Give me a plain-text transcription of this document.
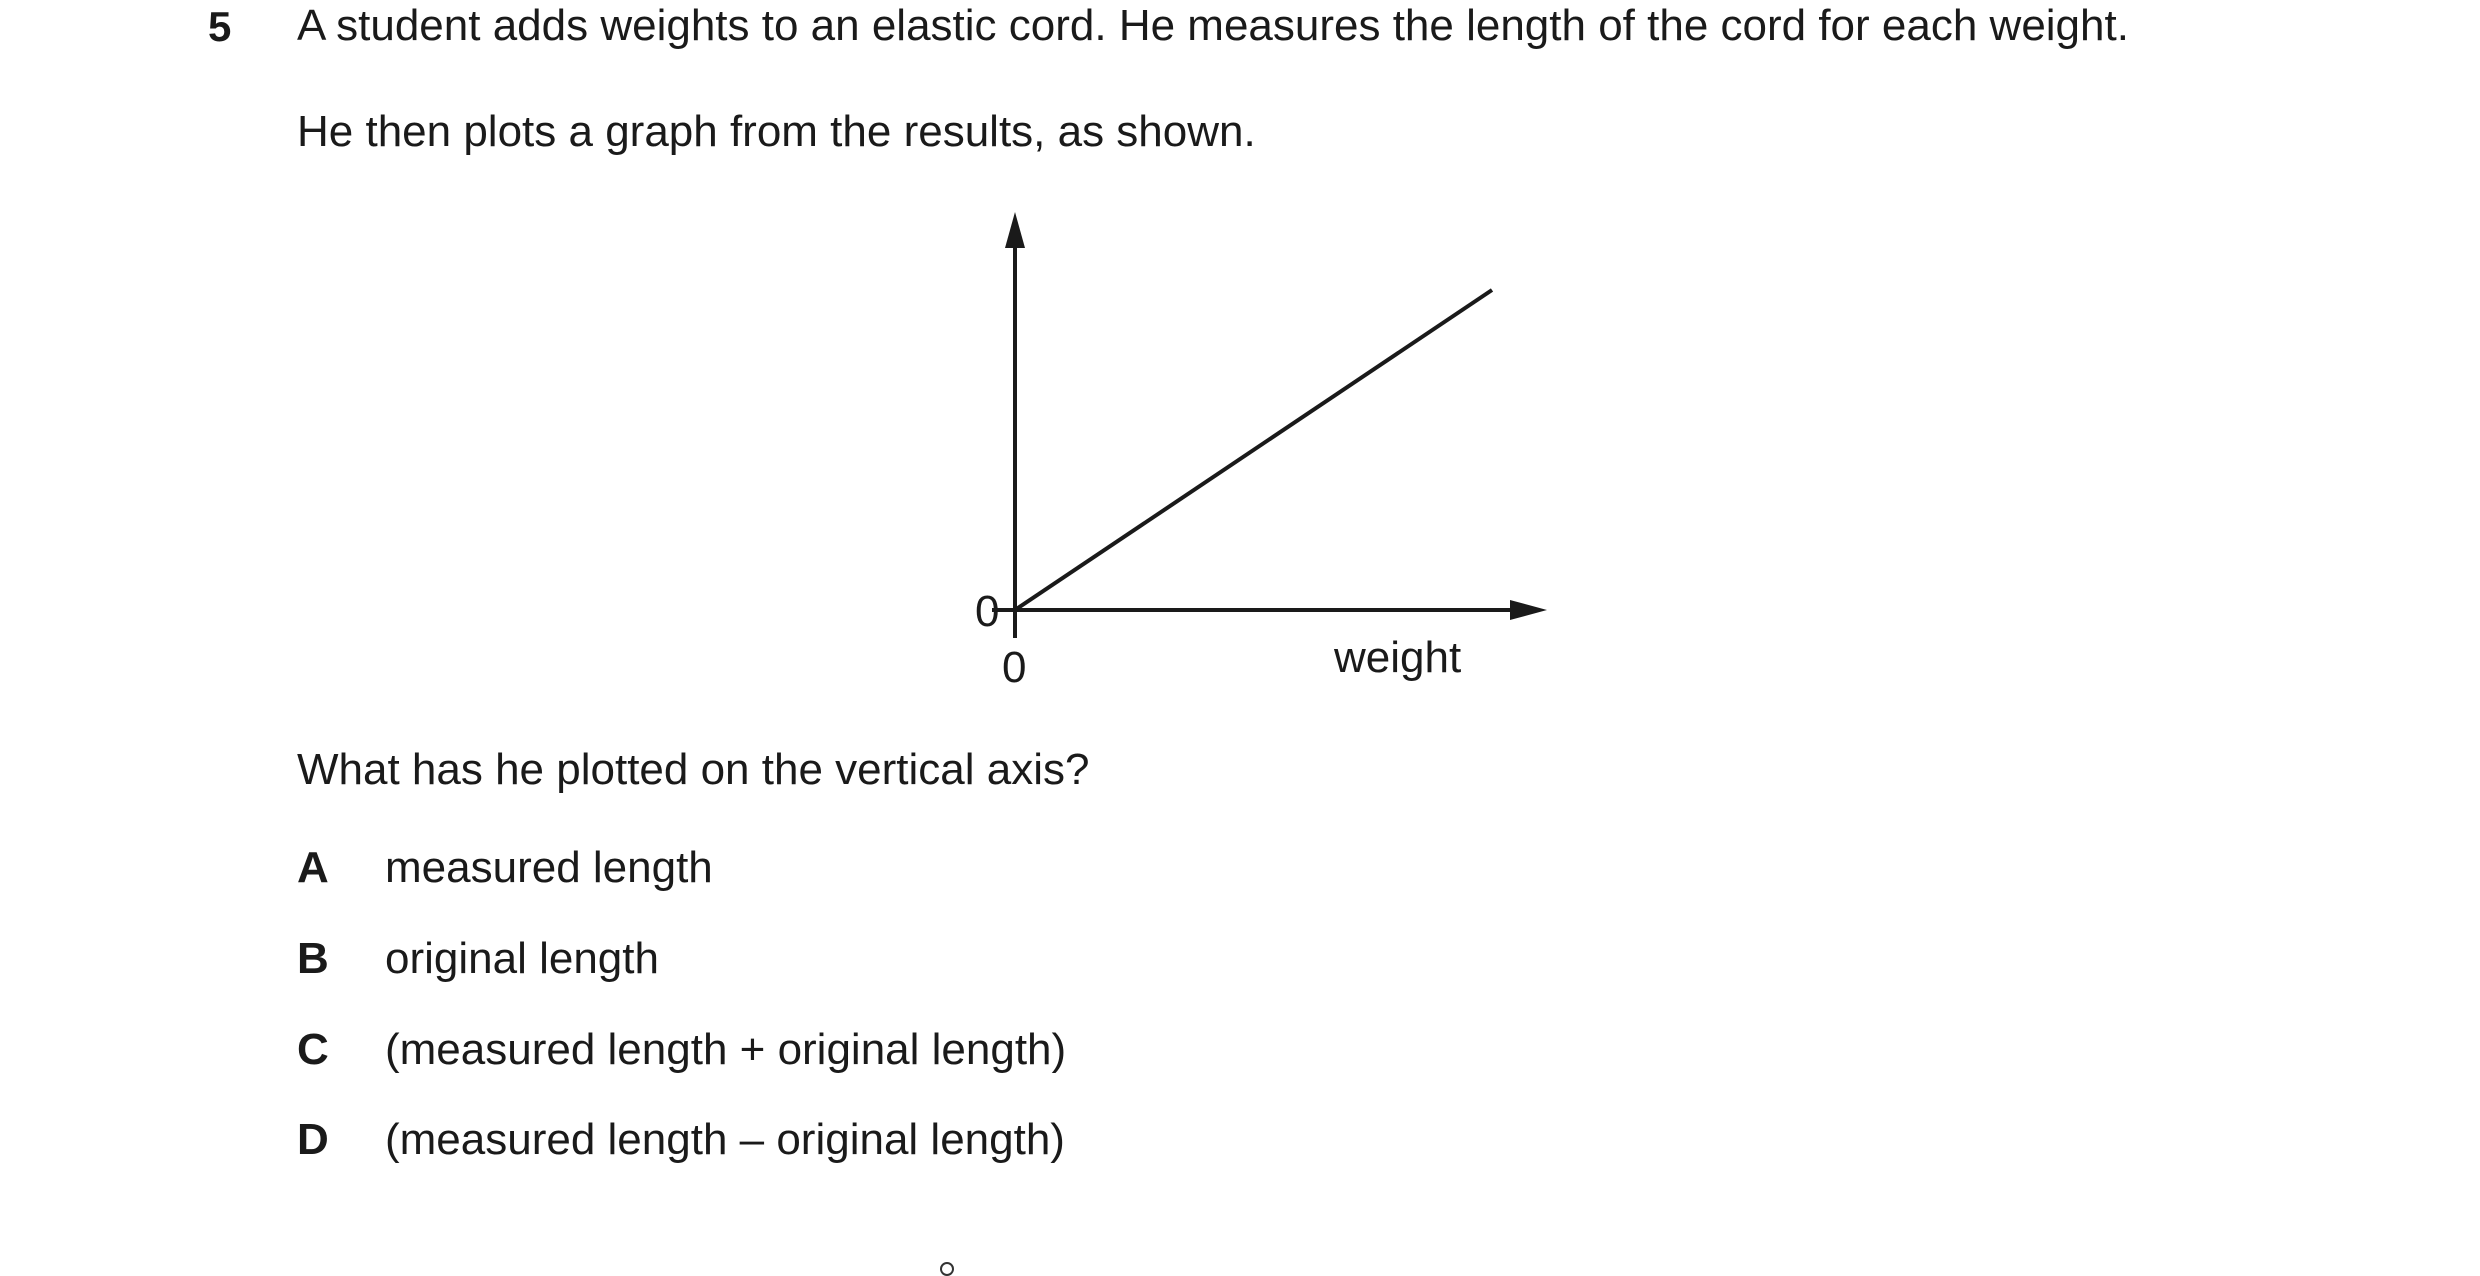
5 A student adds weights to an elastic cord. He measures the length of the cord for each weight.
He then plots a graph from the results, as shown.
0
0	weight
What has he plotted on the vertical axis?
A measured length
B original length
C (measured length + original length)
D (measured length – original length)
